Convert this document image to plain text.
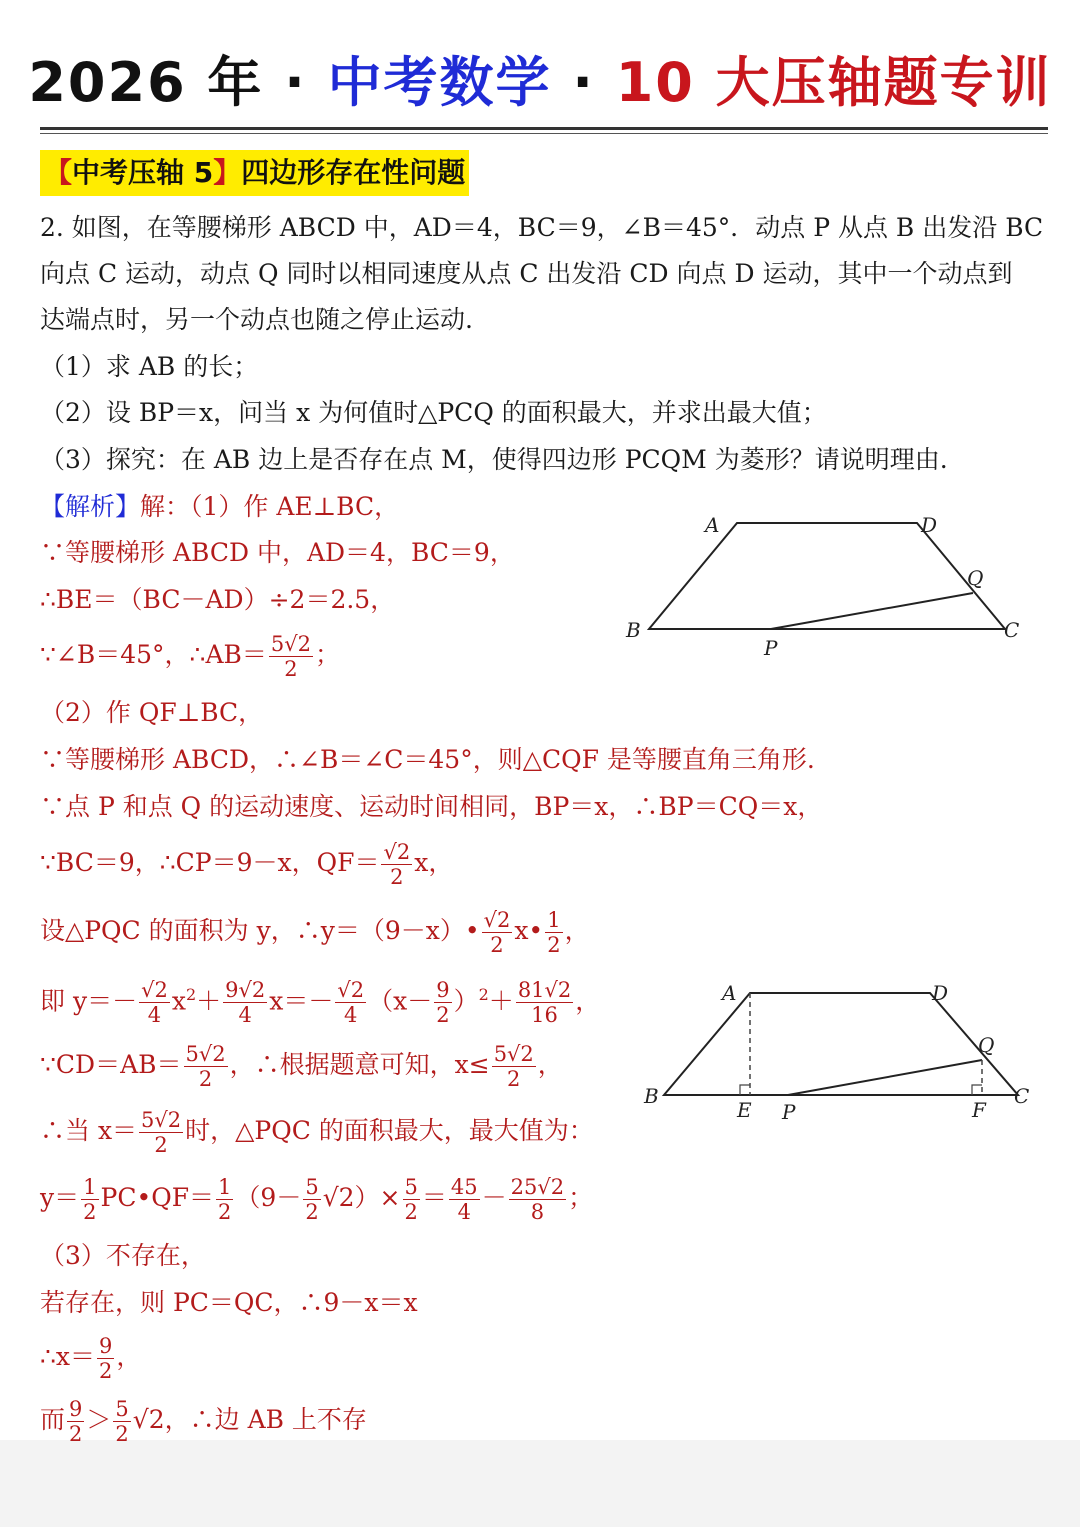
2026 年 · 中考数学 · 10 大压轴题专训
【中考压轴 5】四边形存在性问题
2. 如图，在等腰梯形 ABCD 中，AD＝4，BC＝9，∠B＝45°．动点 P 从点 B 出发沿 BC
向点 C 运动，动点 Q 同时以相同速度从点 C 出发沿 CD 向点 D 运动，其中一个动点到
达端点时，另一个动点也随之停止运动.
（1）求 AB 的长；
（2）设 BP＝x，问当 x 为何值时△PCQ 的面积最大，并求出最大值；
（3）探究：在 AB 边上是否存在点 M，使得四边形 PCQM 为菱形？请说明理由.
【解析】解：（1）作 AE⊥BC，
∵等腰梯形 ABCD 中，AD＝4，BC＝9，
∴BE＝（BC－AD）÷2＝2.5，
∵∠B＝45°，∴AB＝ $\frac{5√2}{2}$ ；
（2）作 QF⊥BC，
∵等腰梯形 ABCD，∴∠B＝∠C＝45°，则△CQF 是等腰直角三角形.
∵点 P 和点 Q 的运动速度、运动时间相同，BP＝x，∴BP＝CQ＝x，
∵BC＝9，∴CP＝9－x，$QF= \frac{√2}{2}$ x，
设△PQC 的面积为 y，∴y＝（9－x）• $\frac{√2}{2}$ x• $\frac{1}{2}$ ，
即 $y=- \frac{√2}{4} x^2+ \frac{9√2}{4} x=- \frac{√2}{4} (x- \frac{9}{2} )^2+ \frac{81√2}{16}$ ，
∵CD＝AB＝ $\frac{5√2}{2}$ ，∴根据题意可知，$x\le \frac{5√2}{2}$ ，
∴当 $x= \frac{5√2}{2}$ 时，△PQC 的面积最大，最大值为：
$y= \frac{1}{2}$ PC•QF＝ $\frac{1}{2} (9- \frac{5}{2} √2)\times \frac{5}{2} = \frac{45}{4} - \frac{25√2}{8}$ ；
（3）不存在，
若存在，则 PC＝QC，∴9－x＝x
∴x＝ $\frac{9}{2}$ ，
而 $\frac{9}{2} > \frac{5}{2} √2$，∴边 AB 上不存
A	D
Q
B
P
C
A	D
Q
B
E P	F
C
